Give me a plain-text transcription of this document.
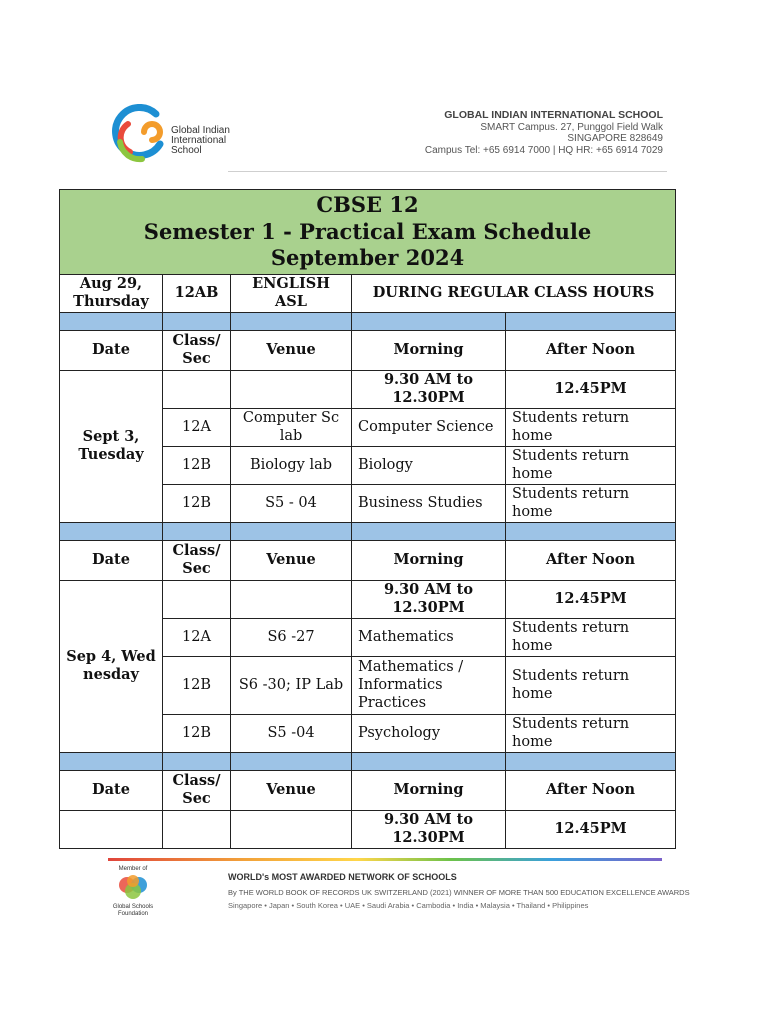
Global Indian
International
School
GLOBAL INDIAN INTERNATIONAL SCHOOL
SMART Campus. 27, Punggol Field Walk
SINGAPORE 828649
Campus Tel: +65 6914 7000 | HQ HR: +65 6914 7029
CBSE 12
Semester 1 - Practical Exam Schedule
September 2024				

Aug 29, Thursday	12AB	ENGLISH ASL	DURING REGULAR CLASS HOURS	

Date	Class/ Sec	Venue	Morning	After Noon
Sept 3, Tuesday			9.30 AM to 12.30PM	12.45PM
	12A	Computer Sc lab	Computer Science	Students return home
	12B	Biology lab	Biology	Students return home
	12B	S5 - 04	Business Studies	Students return home

Date	Class/ Sec	Venue	Morning	After Noon
Sep 4, Wednesday			9.30 AM to 12.30PM	12.45PM
	12A	S6 -27	Mathematics	Students return home
	12B	S6 -30; IP Lab	Mathematics / Informatics Practices	Students return home
	12B	S5 -04	Psychology	Students return home

Date	Class/ Sec	Venue	Morning	After Noon
			9.30 AM to 12.30PM	12.45PM
Member of
Global Schools
Foundation
WORLD's MOST AWARDED NETWORK OF SCHOOLS
By THE WORLD BOOK OF RECORDS UK SWITZERLAND (2021) WINNER OF MORE THAN 500 EDUCATION EXCELLENCE AWARDS
Singapore • Japan • South Korea • UAE • Saudi Arabia • Cambodia • India • Malaysia • Thailand • Philippines
